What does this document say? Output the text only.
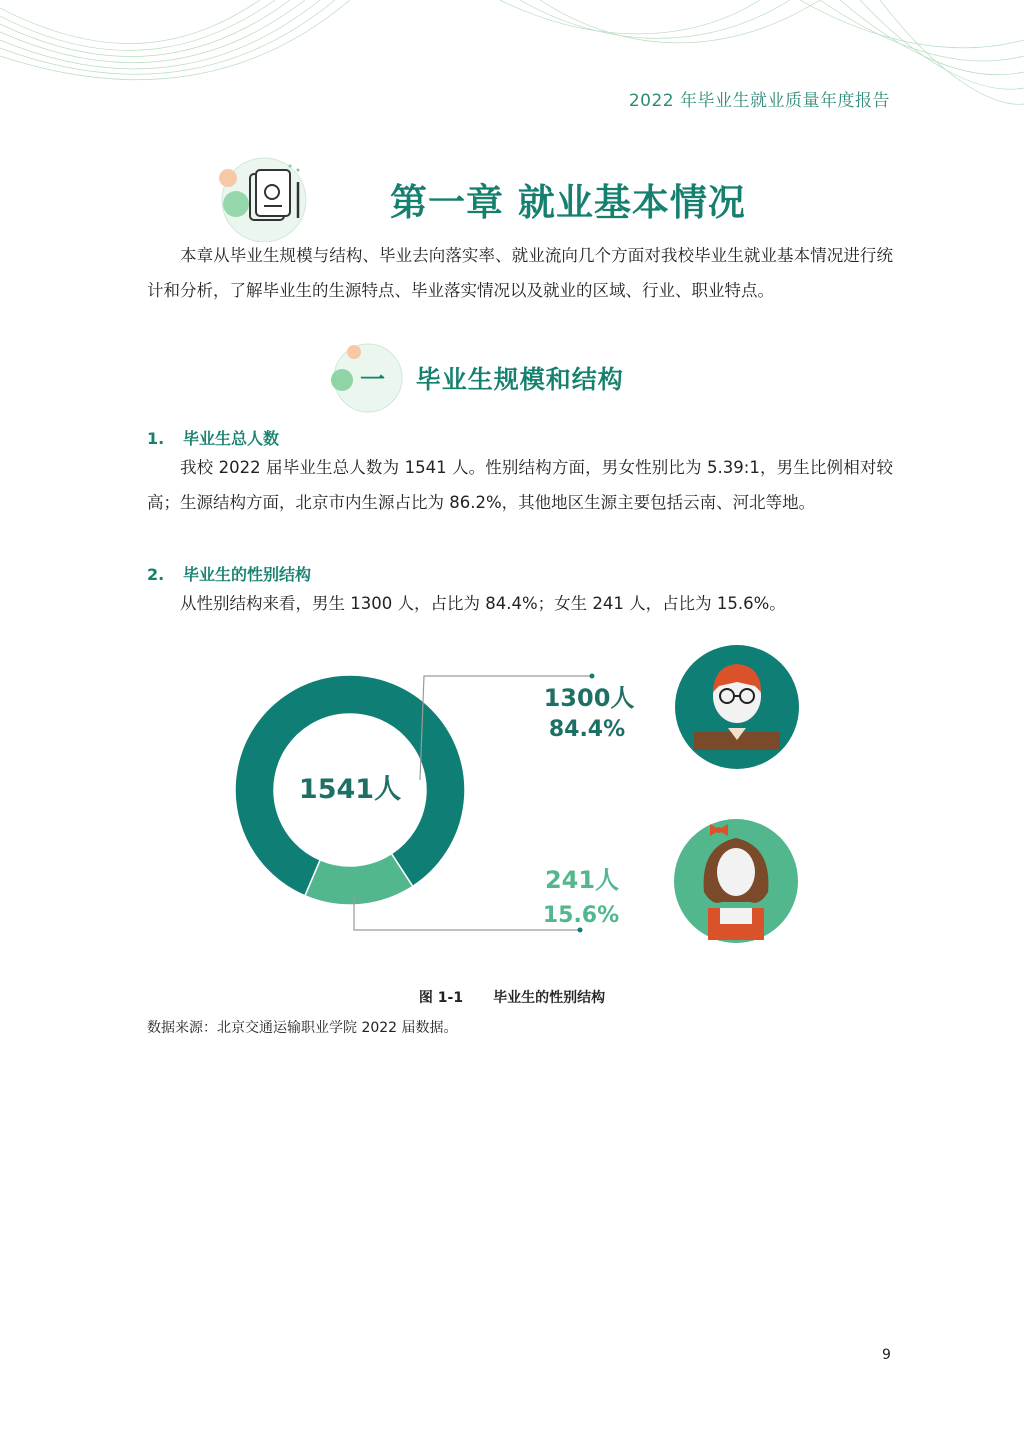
2022 年毕业生就业质量年度报告
第一章 就业基本情况
本章从毕业生规模与结构、毕业去向落实率、就业流向几个方面对我校毕业生就业基本情况进行统计和分析，了解毕业生的生源特点、毕业落实情况以及就业的区域、行业、职业特点。
一 毕业生规模和结构
1. 毕业生总人数
我校 2022 届毕业生总人数为 1541 人。性别结构方面，男女性别比为 5.39:1，男生比例相对较高；生源结构方面，北京市内生源占比为 86.2%，其他地区生源主要包括云南、河北等地。
2. 毕业生的性别结构
从性别结构来看，男生 1300 人，占比为 84.4%；女生 241 人，占比为 15.6%。
1541人
1300人
84.4%
241人
15.6%
图 1-1 毕业生的性别结构
数据来源：北京交通运输职业学院 2022 届数据。
9
